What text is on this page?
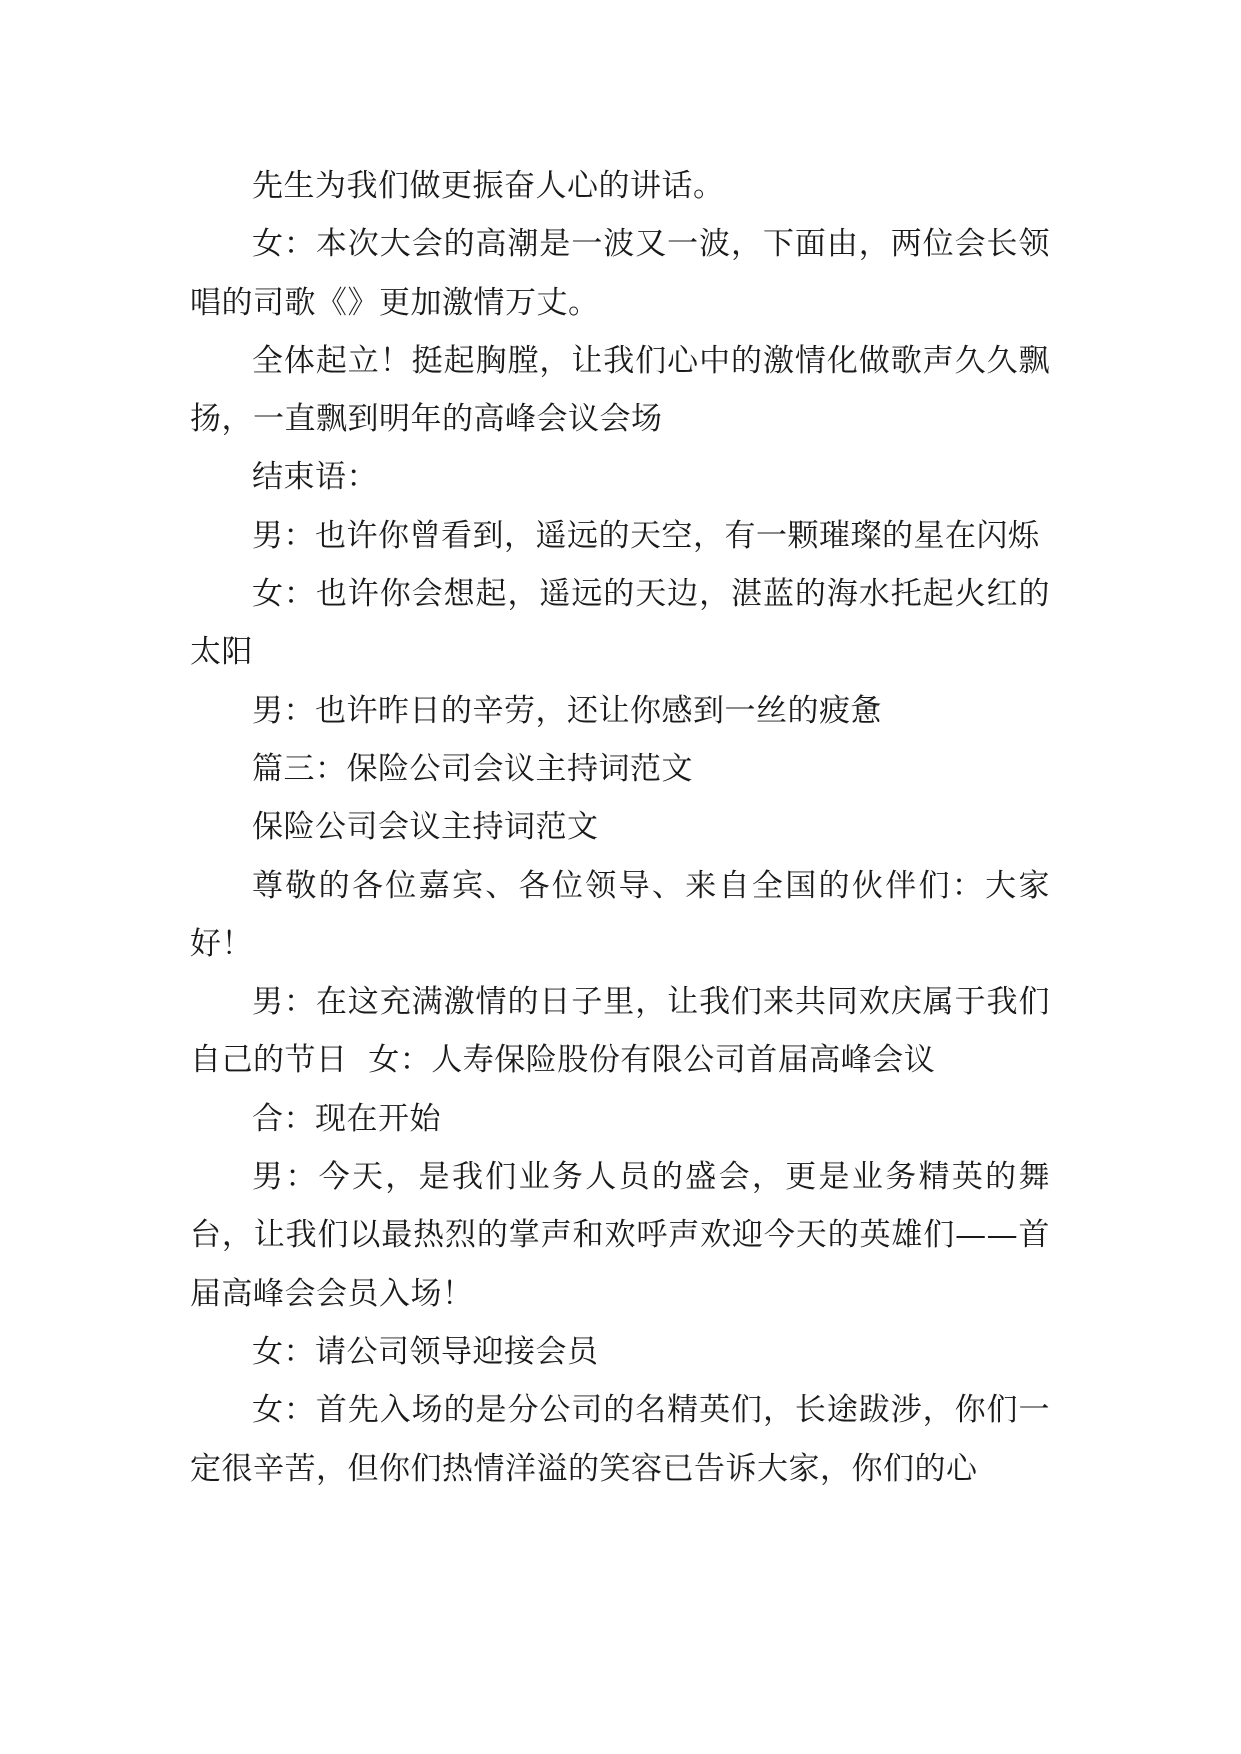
先生为我们做更振奋人心的讲话。

女：本次大会的高潮是一波又一波，下面由，两位会长领唱的司歌《》更加激情万丈。

全体起立！挺起胸膛，让我们心中的激情化做歌声久久飘扬，一直飘到明年的高峰会议会场

结束语：

男：也许你曾看到，遥远的天空，有一颗璀璨的星在闪烁

女：也许你会想起，遥远的天边，湛蓝的海水托起火红的太阳

男：也许昨日的辛劳，还让你感到一丝的疲惫

篇三：保险公司会议主持词范文

保险公司会议主持词范文

尊敬的各位嘉宾、各位领导、来自全国的伙伴们：大家好！

男：在这充满激情的日子里，让我们来共同欢庆属于我们自己的节日  女：人寿保险股份有限公司首届高峰会议

合：现在开始

男：今天，是我们业务人员的盛会，更是业务精英的舞台，让我们以最热烈的掌声和欢呼声欢迎今天的英雄们——首届高峰会会员入场！

女：请公司领导迎接会员

女：首先入场的是分公司的名精英们，长途跋涉，你们一定很辛苦，但你们热情洋溢的笑容已告诉大家，你们的心
